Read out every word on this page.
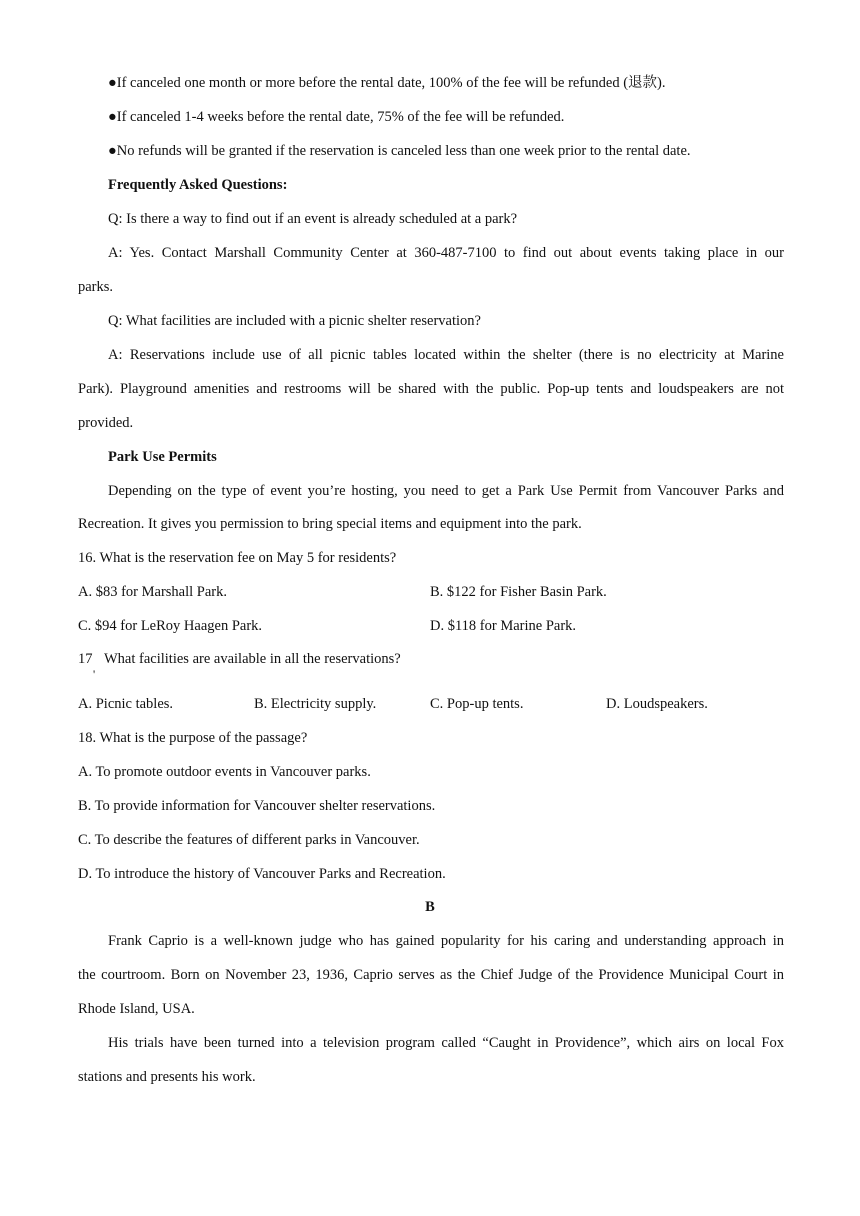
●If canceled one month or more before the rental date, 100% of the fee will be refunded (退款).
●If canceled 1-4 weeks before the rental date, 75% of the fee will be refunded.
●No refunds will be granted if the reservation is canceled less than one week prior to the rental date.
Frequently Asked Questions:
Q: Is there a way to find out if an event is already scheduled at a park?
A: Yes. Contact Marshall Community Center at 360-487-7100 to find out about events taking place in our
parks.
Q: What facilities are included with a picnic shelter reservation?
A: Reservations include use of all picnic tables located within the shelter (there is no electricity at Marine
Park). Playground amenities and restrooms will be shared with the public. Pop-up tents and loudspeakers are not
provided.
Park Use Permits
Depending on the type of event you’re hosting, you need to get a Park Use Permit from Vancouver Parks and
Recreation. It gives you permission to bring special items and equipment into the park.
16. What is the reservation fee on May 5 for residents?
A. $83 for Marshall Park.	B. $122 for Fisher Basin Park.
C. $94 for LeRoy Haagen Park.	D. $118 for Marine Park.
17 What facilities are available in all the reservations?
'
A. Picnic tables.	B. Electricity supply.	C. Pop-up tents.	D. Loudspeakers.
18. What is the purpose of the passage?
A. To promote outdoor events in Vancouver parks.
B. To provide information for Vancouver shelter reservations.
C. To describe the features of different parks in Vancouver.
D. To introduce the history of Vancouver Parks and Recreation.
B
Frank Caprio is a well-known judge who has gained popularity for his caring and understanding approach in
the courtroom. Born on November 23, 1936, Caprio serves as the Chief Judge of the Providence Municipal Court in
Rhode Island, USA.
His trials have been turned into a television program called “Caught in Providence”, which airs on local Fox
stations and presents his work.
